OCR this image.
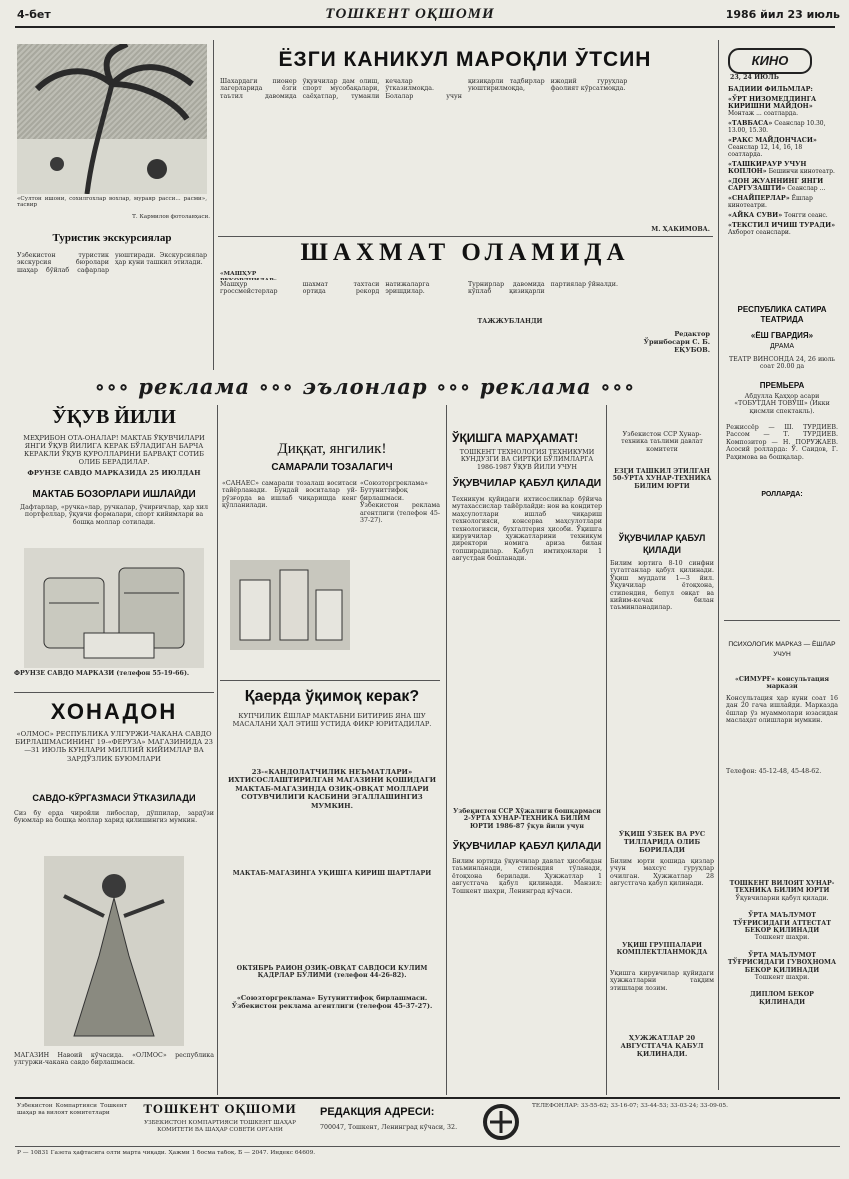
4-бет	ТОШКЕНТ ОҚШОМИ	1986 йил 23 июль
«Султон ишони, сохилгохлар вохлар, мураяр расси... расми», тасвир
Т. Кармилов фотолавҳаси.
Туристик экскурсиялар
Ўзбекистон туристик экскурсия бюролари шаҳар бўйлаб сафарлар уюштиради. Экскурсиялар ҳар куни ташкил этилади.
ЁЗГИ КАНИКУЛ МАРОҚЛИ ЎТСИН
Шахардаги пионер лагерларида ёзги таътил давомида ўқувчилар дам олиш, спорт мусобақалари, саёҳатлар, туманли кечалар ўтказилмоқда. Болалар учун қизиқарли тадбирлар уюштирилмоқда, ижодий гуруҳлар фаолият кўрсатмоқда.
М. ҲАКИМОВА.
ШАХМАТ ОЛАМИДА
«МАШҲУР
Машҳур гроссмейстерлар шахмат тахтаси ортида рекорд натижаларга эришдилар. Турнирлар давомида кўплаб қизиқарли партиялар ўйналди.
ТАЖЖУБЛАНДИ
Редактор Ўринбосари С. Б. ЕҚУБОВ.
КИНО
23, 24 ИЮЛЬ
БАДИИЙ ФИЛЬМЛАР:
«ЎРТ НИЗОМЕДДИНГА КИРИШНИ МАЙДОН» Монтаж ... соатларда.
«ТАВБАСА» Сеанслар 10.30, 13.00, 15.30.
«РАКС МАЙДОНЧАСИ» Сеанслар 12, 14, 16, 18 соатларда.
«ТАШКИРАУР УЧУН КОПЛОН» Бешинчи кинотеатр.
«ДОН ЖУАННИНГ ЯНГИ САРГУЗАШТИ» Сеанслар ...
«СНАЙПЕРЛАР» Ёшлар кинотеатри.
«АЙКА СУВИ» Тонгги сеанс.
«ТЕКСТИЛ ИЧИШ ТУРАДИ» Ахборот сеанслари.
РЕСПУБЛИКА САТИРА ТЕАТРИДА
«ЁШ ГВАРДИЯ»
ДРАМА
ТЕАТР ВИНСОНДА 24, 26 июль соат 20.00 да
ПРЕМЬЕРА
Абдулла Қаҳҳор асари «ТОБУТДАН ТОВУШ» (Икки қисмли спектакль).
РОЛЛАРДА:
Режиссёр — Ш. ТУРДИЕВ. Рассом — Т. ТУРДИЕВ. Композитор — Н. ПОРУЖАЕВ. Асосий ролларда: Ў. Саидов, Г. Раҳимова ва бошқалар.
ПСИХОЛОГИК МАРКАЗ — ЁШЛАР УЧУН
«СИМУРҒ» консультация маркази
Консультация ҳар куни соат 16 дан 20 гача ишлайди. Марказда ёшлар ўз муаммолари юзасидан маслаҳат олишлари мумкин.
Телефон: 45-12-48, 45-48-62.
ТОШКЕНТ ВИЛОЯТ ХУНАР-ТЕХНИКА БИЛИМ ЮРТИ
Ўқувчиларни қабул қилади.
ЎРТА МАЪЛУМОТ ТЎҒРИСИДАГИ АТТЕСТАТ БЕКОР ҚИЛИНАДИ
Тошкент шаҳри.
ЎРТА МАЪЛУМОТ ТЎҒРИСИДАГИ ГУВОҲНОМА БЕКОР ҚИЛИНАДИ
Тошкент шаҳри.
ДИПЛОМ БЕКОР ҚИЛИНАДИ
∘∘∘ реклама ∘∘∘ эълонлар ∘∘∘ реклама ∘∘∘
ЎҚУВ ЙИЛИ
МЕҲРИБОН ОТА-ОНАЛАР! МАКТАБ ЎҚУВЧИЛАРИ ЯНГИ ЎҚУВ ЙИЛИГА КЕРАК БЎЛАДИГАН БАРЧА КЕРАКЛИ ЎҚУВ ҚУРОЛЛАРИНИ БАРВАҚТ СОТИБ ОЛИБ БЕРАДИЛАР.
ФРУНЗЕ САВДО МАРКАЗИДА 25 ИЮЛДАН
МАКТАБ БОЗОРЛАРИ ИШЛАЙДИ
Дафтарлар, «ручка»лар, ручкалар, ўчирғичлар, ҳар хил портфеллар, ўқувчи формалари, спорт кийимлари ва бошқа моллар сотилади.
ФРУНЗЕ САВДО МАРКАЗИ (телефон 55-19-66).
ХОНАДОН
«ОЛМОС» РЕСПУБЛИКА УЛГУРЖИ-ЧАКАНА САВДО БИРЛАШМАСИНИНГ 19-«ФЕРУЗА» МАГАЗИНИДА 23—31 ИЮЛЬ КУНЛАРИ МИЛЛИЙ КИЙИМЛАР ВА ЗАРДЎЗЛИК БУЮМЛАРИ
САВДО-КЎРГАЗМАСИ ЎТКАЗИЛАДИ
Сиз бу ерда чиройли либослар, дўппилар, зардўзи буюмлар ва бошқа моллар харид қилишингиз мумкин.
МАГАЗИН Навоий кўчасида. «ОЛМОС» республика улгуржи-чакана савдо бирлашмаси.
Диққат, янгилик!
САМАРАЛИ ТОЗАЛАГИЧ
«САНАЕС» самарали тозалаш воситаси тайёрланади. Бундай воситалар уй-рўзғорда ва ишлаб чиқаришда кенг қўлланилади.
«Союзторгреклама» Бутуниттифоқ бирлашмаси. Ўзбекистон реклама агентлиги (телефон 45-37-27).
Қаерда ўқимоқ керак?
КУПЧИЛИК ЁШЛАР МАКТАБНИ БИТИРИБ ЯНА ШУ МАСАЛАНИ ҲАЛ ЭТИШ УСТИДА ФИКР ЮРИТАДИЛАР.
23-«КАНДОЛАТЧИЛИК НЕЪМАТЛАРИ» ИХТИСОСЛАШТИРИЛГАН МАГАЗИНИ ҚОШИДАГИ МАКТАБ-МАГАЗИНДА ОЗИҚ-ОВҚАТ МОЛЛАРИ СОТУВЧИЛИГИ КАСБИНИ ЭГАЛЛАШИНГИЗ МУМКИН.
МАКТАБ-МАГАЗИНГА ЎҚИШГА КИРИШ ШАРТЛАРИ
ОКТЯБРЬ РАЙОН ОЗИҚ-ОВҚАТ САВДОСИ КУЛИМ ҚАДРЛАР БЎЛИМИ (телефон 44-26-82).
«Союзторгреклама» Бутуниттифоқ бирлашмаси. Ўзбекистон реклама агентлиги (телефон 45-37-27).
ЎҚИШГА МАРҲАМАТ!
ТОШКЕНТ ТЕХНОЛОГИЯ ТЕХНИКУМИ КУНДУЗГИ ВА СИРТҚИ БЎЛИМЛАРГА 1986-1987 ЎҚУВ ЙИЛИ УЧУН
ЎҚУВЧИЛАР ҚАБУЛ ҚИЛАДИ
Техникум қуйидаги ихтисосликлар бўйича мутахассислар тайёрлайди: нон ва кондитер маҳсулотлари ишлаб чиқариш технологияси, консерва маҳсулотлари технологияси, бухгалтерия ҳисоби. Ўқишга кирувчилар ҳужжатларини техникум директори номига ариза билан топширадилар. Қабул имтиҳонлари 1 августдан бошланади.
Ўзбекистон ССР Хўжалиги бошқармаси 2-ЎРТА ХУНАР-ТЕХНИКА БИЛИМ ЮРТИ 1986-87 ўқув йили учун
ЎҚУВЧИЛАР ҚАБУЛ ҚИЛАДИ
Билим юртида ўқувчилар давлат ҳисобидан таъминланади, стипендия тўланади, ётоқхона берилади. Ҳужжатлар 1 августгача қабул қилинади. Манзил: Тошкент шаҳри, Ленинград кўчаси.
Ўзбекистон ССР Хунар-техника таълими давлат комитети
ЁЗГИ ТАШКИЛ ЭТИЛГАН 50-ЎРТА ХУНАР-ТЕХНИКА БИЛИМ ЮРТИ
ЎҚУВЧИЛАР ҚАБУЛ ҚИЛАДИ
Билим юртига 8-10 синфни тугатганлар қабул қилинади. Ўқиш муддати 1—3 йил. Ўқувчилар ётоқхона, стипендия, бепул овқат ва кийим-кечак билан таъминланадилар.
ЎҚИШ ЎЗБЕК ВА РУС ТИЛЛАРИДА ОЛИБ БОРИЛАДИ
Билим юрти қошида қизлар учун махсус гуруҳлар очилган. Ҳужжатлар 28 августгача қабул қилинади.
ЎҚИШ ГРУППАЛАРИ КОМПЛЕКТЛАНМОҚДА
Ўқишга кирувчилар қуйидаги ҳужжатларни тақдим этишлари лозим.
ҲУЖЖАТЛАР 20 АВГУСТГАЧА ҚАБУЛ ҚИЛИНАДИ.
Ўзбекистон Компартияси Тошкент шаҳар ва вилоят комитетлари	ТОШКЕНТ ОҚШОМИ
ЎЗБЕКИСТОН КОМПАРТИЯСИ ТОШКЕНТ ШАҲАР КОМИТЕТИ ВА ШАҲАР СОВЕТИ ОРГАНИ
РЕДАКЦИЯ АДРЕСИ:
700047, Тошкент, Ленинград кўчаси, 32.
ТЕЛЕФОНЛАР: 33-55-62; 33-16-07; 33-44-53; 33-03-24; 33-09-05.
Р — 10831 Газета ҳафтасига олти марта чиқади. Ҳажми 1 босма табоқ. Б — 2047. Индекс 64609.
